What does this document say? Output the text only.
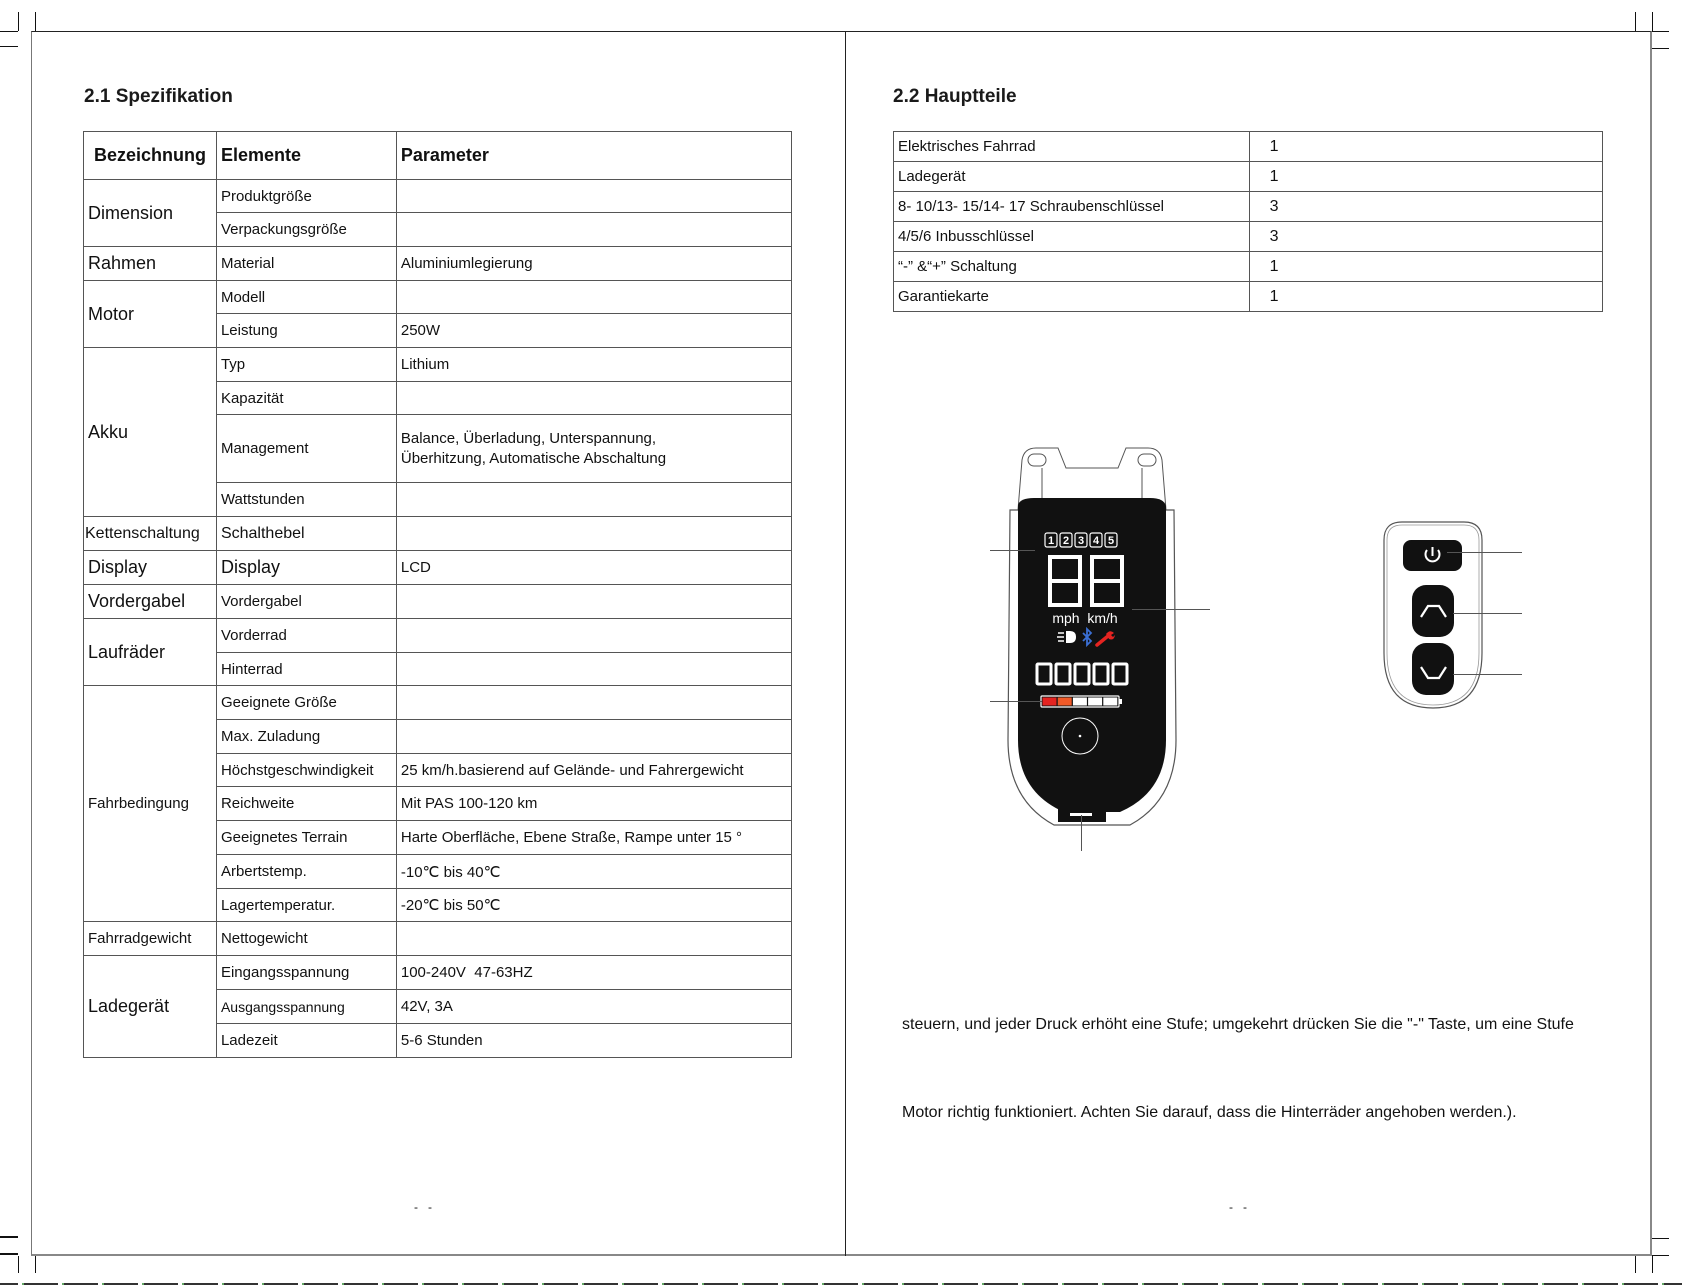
2.1 Spezifikation
Bezeichnung	Elemente	Parameter
Dimension	Produktgröße	
	Verpackungsgröße	
Rahmen	Material	Aluminiumlegierung
Motor	Modell	
	Leistung	250W
Akku	Typ	Lithium
	Kapazität	
	Management	Balance, Überladung, Unterspannung,
Überhitzung, Automatische Abschaltung

	Wattstunden	
Kettenschaltung	Schalthebel	
Display	Display	LCD
Vordergabel	Vordergabel	
Laufräder	Vorderrad	
	Hinterrad	
Fahrbedingung	Geeignete Größe	
	Max. Zuladung	
	Höchstgeschwindigkeit	25 km/h.basierend auf Gelände- und Fahrergewicht
	Reichweite	Mit PAS 100-120 km
	Geeignetes Terrain	Harte Oberfläche, Ebene Straße, Rampe unter 15 °
	Arbertstemp.	-10℃ bis 40℃
	Lagertemperatur.	-20℃ bis 50℃
Fahrradgewicht	Nettogewicht	
Ladegerät	Eingangsspannung	100-240V  47-63HZ
	Ausgangsspannung	42V, 3A
	Ladezeit	5-6 Stunden
-   -
2.2 Hauptteile
Elektrisches Fahrrad	1
Ladegerät	1
8- 10/13- 15/14- 17 Schraubenschlüssel	3
4/5/6 Inbusschlüssel	3
“-” &“+” Schaltung	1
Garantiekarte	1
1 2 3 4 5
mph  km/h
steuern, und jeder Druck erhöht eine Stufe; umgekehrt drücken Sie die "-" Taste, um eine Stufe
Motor richtig funktioniert. Achten Sie darauf, dass die Hinterräder angehoben werden.).
-   -
